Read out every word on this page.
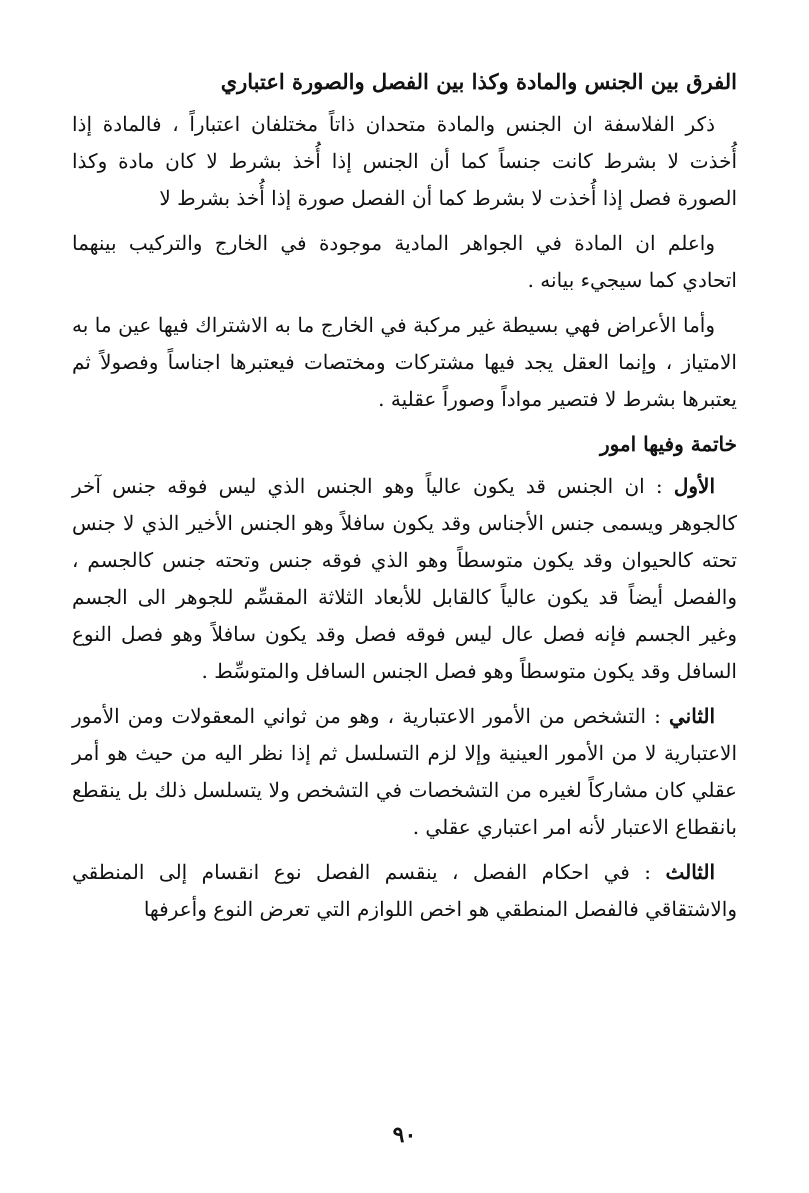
الفرق بين الجنس والمادة وكذا بين الفصل والصورة اعتباري

ذكر الفلاسفة ان الجنس والمادة متحدان ذاتاً مختلفان اعتباراً ، فالمادة إذا أُخذت لا بشرط كانت جنساً كما أن الجنس إذا أُخذ بشرط لا كان مادة وكذا الصورة فصل إذا أُخذت لا بشرط كما أن الفصل صورة إذا أُخذ بشرط لا

واعلم ان المادة في الجواهر المادية موجودة في الخارج والتركيب بينهما اتحادي كما سيجيء بيانه .

وأما الأعراض فهي بسيطة غير مركبة في الخارج ما به الاشتراك فيها عين ما به الامتياز ، وإنما العقل يجد فيها مشتركات ومختصات فيعتبرها اجناساً وفصولاً ثم يعتبرها بشرط لا فتصير مواداً وصوراً عقلية .

خاتمة وفيها امور

الأول : ان الجنس قد يكون عالياً وهو الجنس الذي ليس فوقه جنس آخر كالجوهر ويسمى جنس الأجناس وقد يكون سافلاً وهو الجنس الأخير الذي لا جنس تحته كالحيوان وقد يكون متوسطاً وهو الذي فوقه جنس وتحته جنس كالجسم ، والفصل أيضاً قد يكون عالياً كالقابل للأبعاد الثلاثة المقسِّم للجوهر الى الجسم وغير الجسم فإنه فصل عال ليس فوقه فصل وقد يكون سافلاً وهو فصل النوع السافل وقد يكون متوسطاً وهو فصل الجنس السافل والمتوسِّط .

الثاني : التشخص من الأمور الاعتبارية ، وهو من ثواني المعقولات ومن الأمور الاعتبارية لا من الأمور العينية وإلا لزم التسلسل ثم إذا نظر اليه من حيث هو أمر عقلي كان مشاركاً لغيره من التشخصات في التشخص ولا يتسلسل ذلك بل ينقطع بانقطاع الاعتبار لأنه امر اعتباري عقلي .

الثالث : في احكام الفصل ، ينقسم الفصل نوع انقسام إلى المنطقي والاشتقاقي فالفصل المنطقي هو اخص اللوازم التي تعرض النوع وأعرفها

٩٠
